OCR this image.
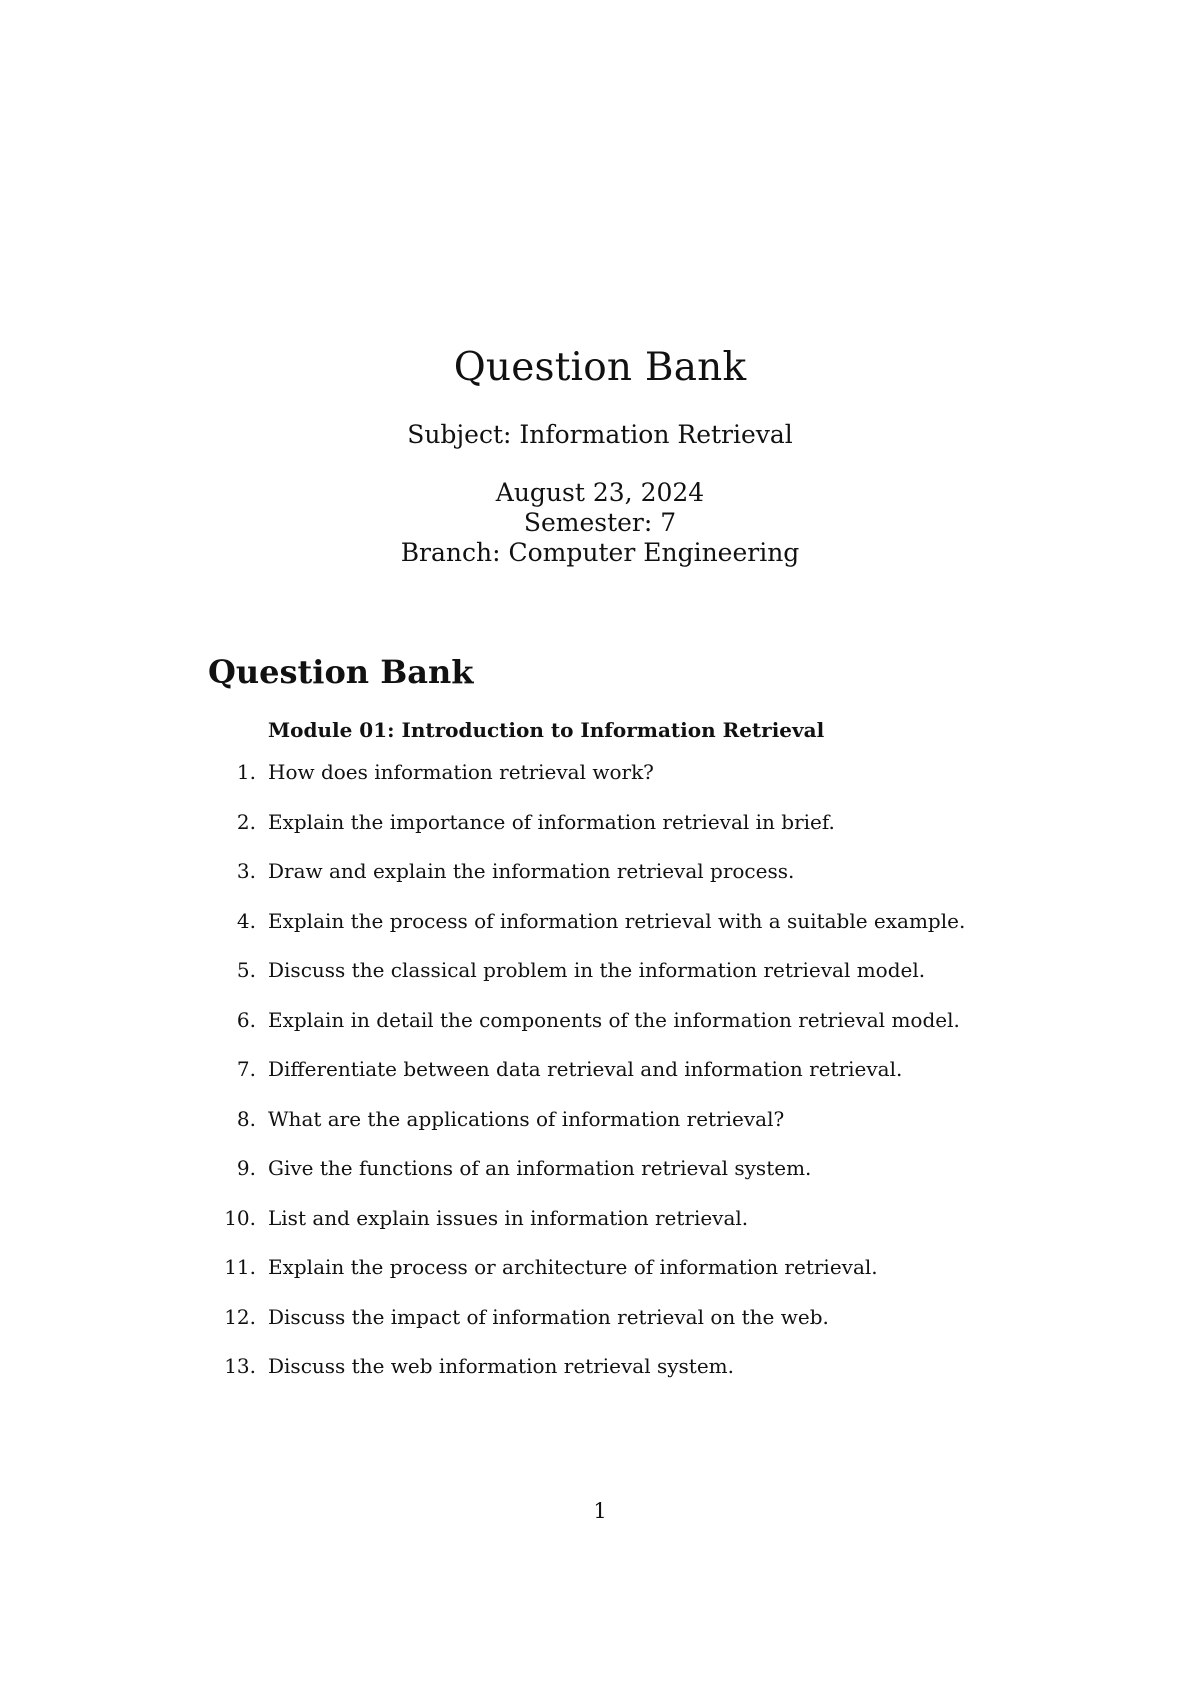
Question Bank
Subject: Information Retrieval
August 23, 2024
Semester: 7
Branch: Computer Engineering
Question Bank
Module 01: Introduction to Information Retrieval
1. How does information retrieval work?
2. Explain the importance of information retrieval in brief.
3. Draw and explain the information retrieval process.
4. Explain the process of information retrieval with a suitable example.
5. Discuss the classical problem in the information retrieval model.
6. Explain in detail the components of the information retrieval model.
7. Differentiate between data retrieval and information retrieval.
8. What are the applications of information retrieval?
9. Give the functions of an information retrieval system.
10. List and explain issues in information retrieval.
11. Explain the process or architecture of information retrieval.
12. Discuss the impact of information retrieval on the web.
13. Discuss the web information retrieval system.
1
